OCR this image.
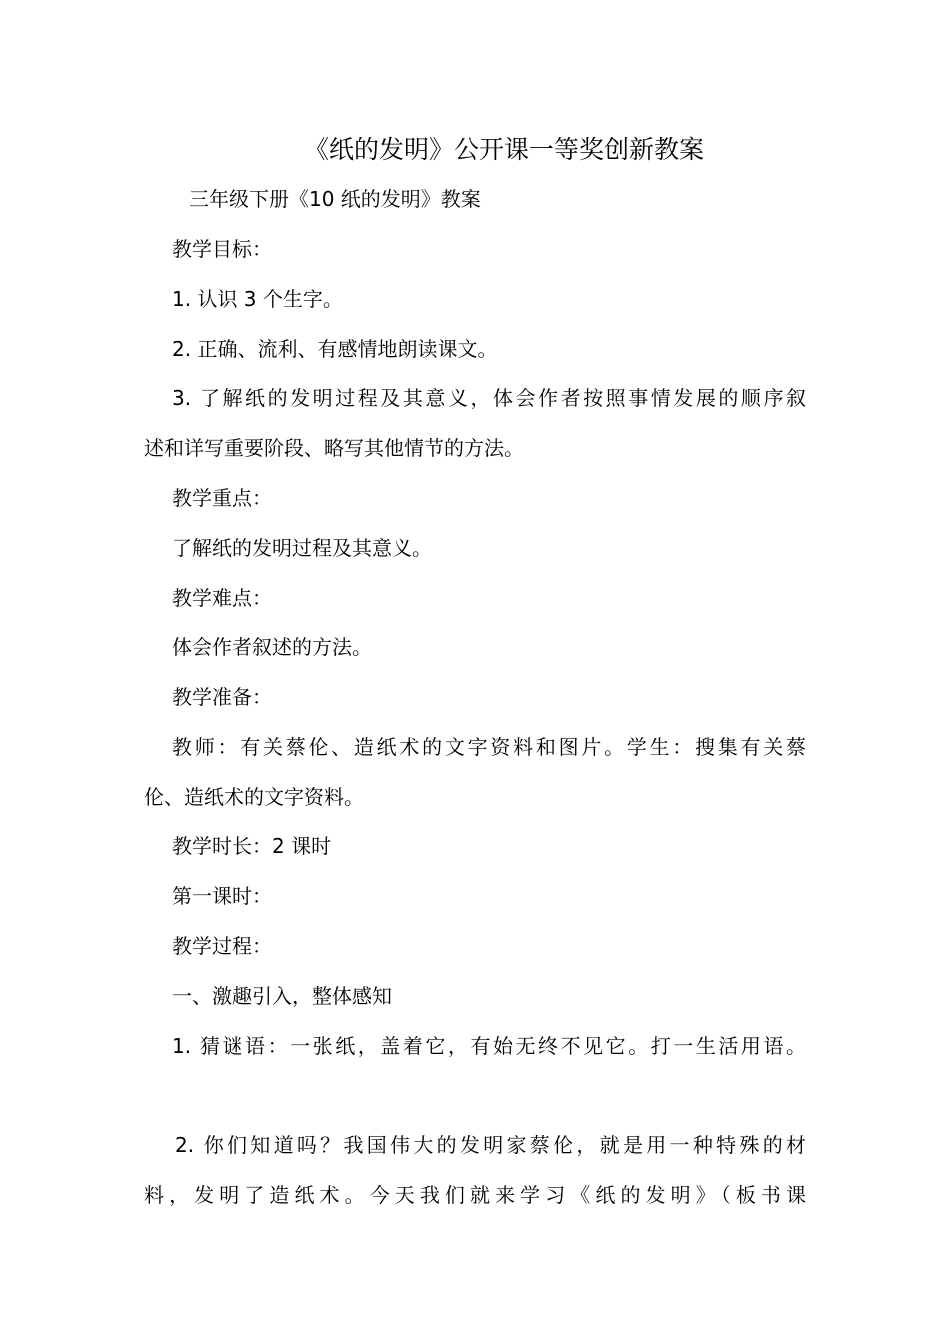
《纸的发明》公开课一等奖创新教案
三年级下册《10 纸的发明》教案
教学目标：
1. 认识 3 个生字。
2. 正确、流利、有感情地朗读课文。
3. 了解纸的发明过程及其意义，体会作者按照事情发展的顺序叙
述和详写重要阶段、略写其他情节的方法。
教学重点：
了解纸的发明过程及其意义。
教学难点：
体会作者叙述的方法。
教学准备：
教师：有关蔡伦、造纸术的文字资料和图片。学生：搜集有关蔡
伦、造纸术的文字资料。
教学时长：2 课时
第一课时：
教学过程：
一、激趣引入，整体感知
1. 猜谜语：一张纸，盖着它，有始无终不见它。打一生活用语。
2. 你们知道吗？我国伟大的发明家蔡伦，就是用一种特殊的材
料，发明了造纸术。今天我们就来学习《纸的发明》（板书课
